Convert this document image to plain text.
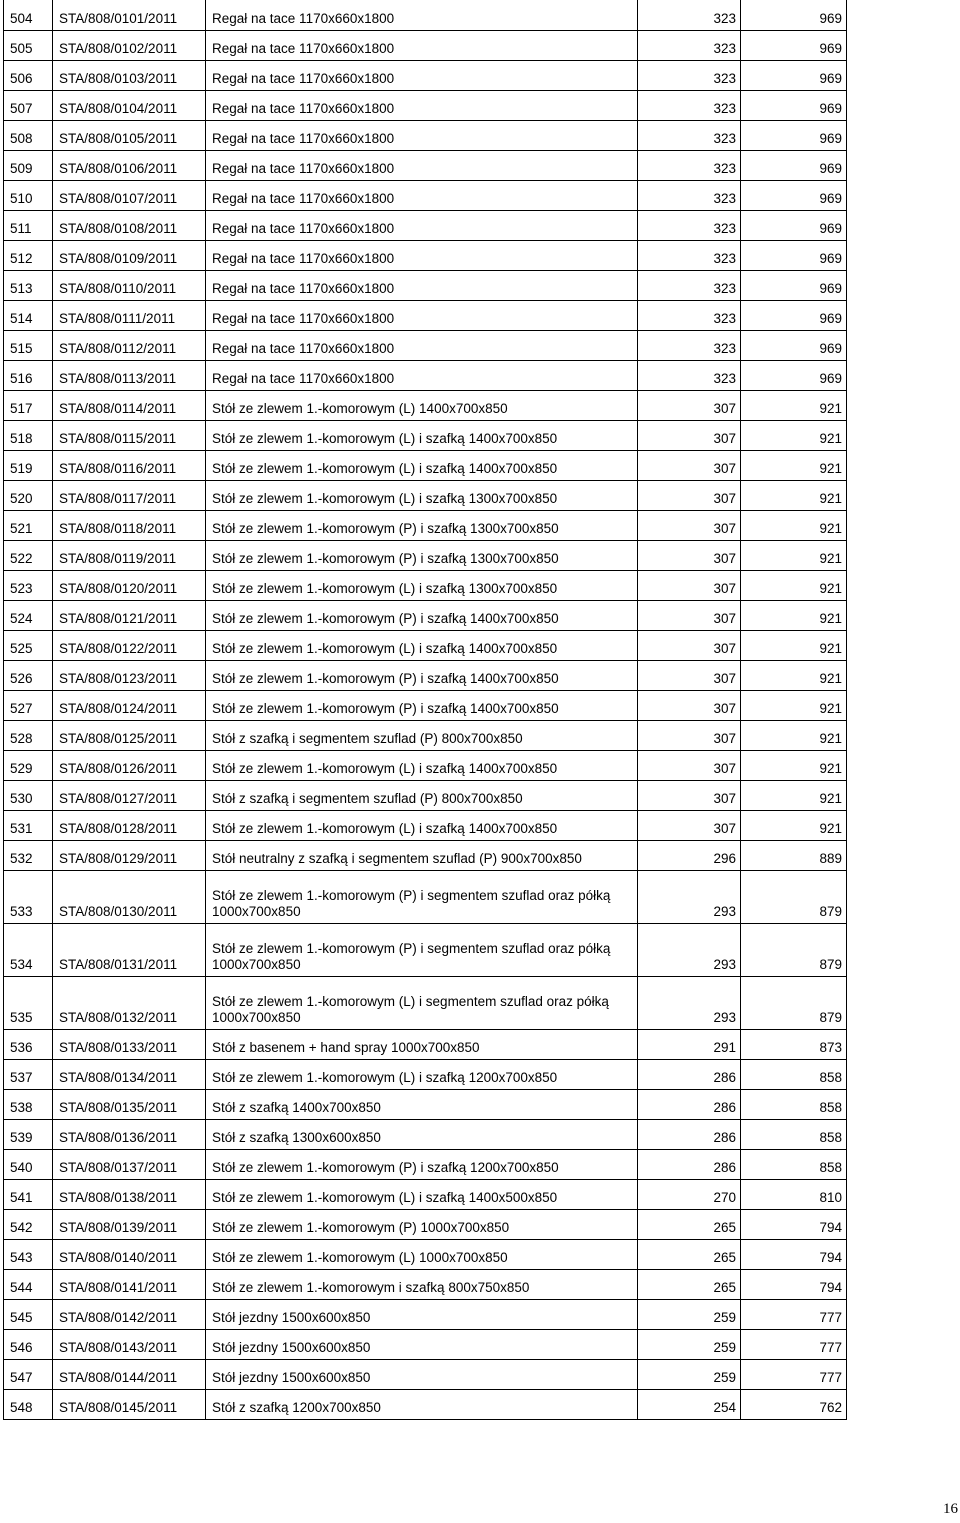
504	STA/808/0101/2011	Regał na tace 1170x660x1800	323	969
505	STA/808/0102/2011	Regał na tace 1170x660x1800	323	969
506	STA/808/0103/2011	Regał na tace 1170x660x1800	323	969
507	STA/808/0104/2011	Regał na tace 1170x660x1800	323	969
508	STA/808/0105/2011	Regał na tace 1170x660x1800	323	969
509	STA/808/0106/2011	Regał na tace 1170x660x1800	323	969
510	STA/808/0107/2011	Regał na tace 1170x660x1800	323	969
511	STA/808/0108/2011	Regał na tace 1170x660x1800	323	969
512	STA/808/0109/2011	Regał na tace 1170x660x1800	323	969
513	STA/808/0110/2011	Regał na tace 1170x660x1800	323	969
514	STA/808/0111/2011	Regał na tace 1170x660x1800	323	969
515	STA/808/0112/2011	Regał na tace 1170x660x1800	323	969
516	STA/808/0113/2011	Regał na tace 1170x660x1800	323	969
517	STA/808/0114/2011	Stół ze zlewem 1.-komorowym (L) 1400x700x850	307	921
518	STA/808/0115/2011	Stół ze zlewem 1.-komorowym (L) i szafką 1400x700x850	307	921
519	STA/808/0116/2011	Stół ze zlewem 1.-komorowym (L) i szafką 1400x700x850	307	921
520	STA/808/0117/2011	Stół ze zlewem 1.-komorowym (L) i szafką 1300x700x850	307	921
521	STA/808/0118/2011	Stół ze zlewem 1.-komorowym (P) i szafką 1300x700x850	307	921
522	STA/808/0119/2011	Stół ze zlewem 1.-komorowym (P) i szafką 1300x700x850	307	921
523	STA/808/0120/2011	Stół ze zlewem 1.-komorowym (L) i szafką 1300x700x850	307	921
524	STA/808/0121/2011	Stół ze zlewem 1.-komorowym (P) i szafką 1400x700x850	307	921
525	STA/808/0122/2011	Stół ze zlewem 1.-komorowym (L) i szafką 1400x700x850	307	921
526	STA/808/0123/2011	Stół ze zlewem 1.-komorowym (P) i szafką 1400x700x850	307	921
527	STA/808/0124/2011	Stół ze zlewem 1.-komorowym (P) i szafką 1400x700x850	307	921
528	STA/808/0125/2011	Stół z szafką i segmentem szuflad (P) 800x700x850	307	921
529	STA/808/0126/2011	Stół ze zlewem 1.-komorowym (L) i szafką 1400x700x850	307	921
530	STA/808/0127/2011	Stół z szafką i segmentem szuflad (P) 800x700x850	307	921
531	STA/808/0128/2011	Stół ze zlewem 1.-komorowym (L) i szafką 1400x700x850	307	921
532	STA/808/0129/2011	Stół neutralny z szafką i segmentem szuflad (P) 900x700x850	296	889
533	STA/808/0130/2011	Stół ze zlewem 1.-komorowym (P) i segmentem szuflad oraz półką 1000x700x850	293	879
534	STA/808/0131/2011	Stół ze zlewem 1.-komorowym (P) i segmentem szuflad oraz półką 1000x700x850	293	879
535	STA/808/0132/2011	Stół ze zlewem 1.-komorowym (L) i segmentem szuflad oraz półką 1000x700x850	293	879
536	STA/808/0133/2011	Stół z basenem + hand spray 1000x700x850	291	873
537	STA/808/0134/2011	Stół ze zlewem 1.-komorowym (L) i szafką 1200x700x850	286	858
538	STA/808/0135/2011	Stół z szafką 1400x700x850	286	858
539	STA/808/0136/2011	Stół z szafką 1300x600x850	286	858
540	STA/808/0137/2011	Stół ze zlewem 1.-komorowym (P) i szafką 1200x700x850	286	858
541	STA/808/0138/2011	Stół ze zlewem 1.-komorowym (L) i szafką 1400x500x850	270	810
542	STA/808/0139/2011	Stół ze zlewem 1.-komorowym (P) 1000x700x850	265	794
543	STA/808/0140/2011	Stół ze zlewem 1.-komorowym (L) 1000x700x850	265	794
544	STA/808/0141/2011	Stół ze zlewem 1.-komorowym i szafką 800x750x850	265	794
545	STA/808/0142/2011	Stół jezdny 1500x600x850	259	777
546	STA/808/0143/2011	Stół jezdny 1500x600x850	259	777
547	STA/808/0144/2011	Stół jezdny 1500x600x850	259	777
548	STA/808/0145/2011	Stół z szafką 1200x700x850	254	762
16
